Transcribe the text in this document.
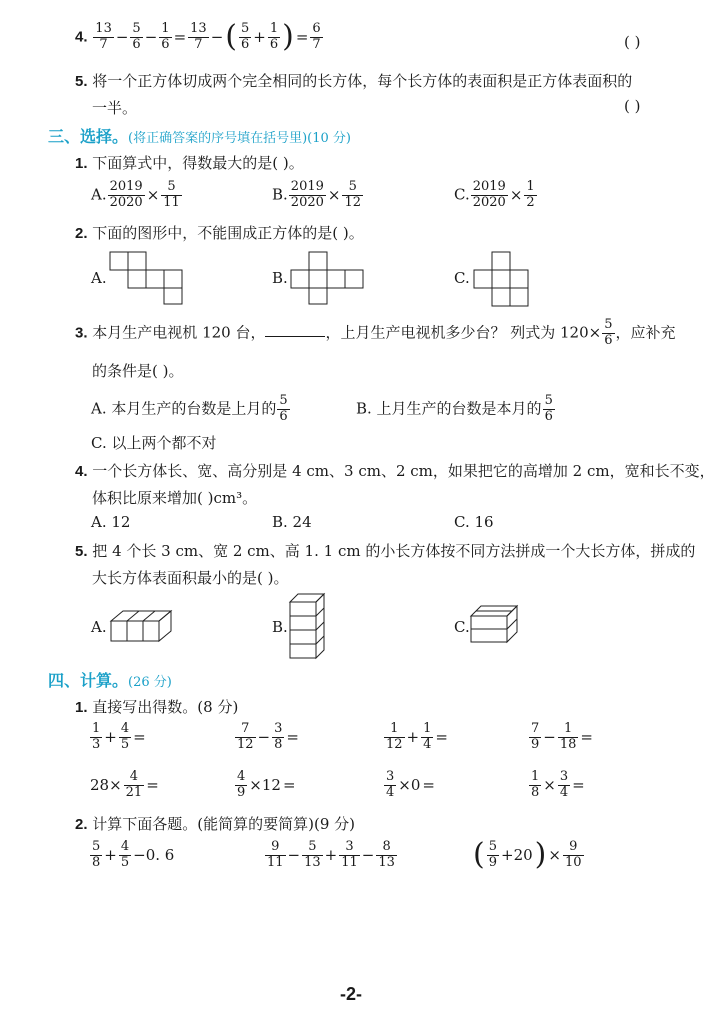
4. $\frac{13}{7} - \frac{5}{6} - \frac{1}{6} = \frac{13}{7}$ −( $\frac{5}{6} + \frac{1}{6}$ ) = $\frac{6}{7}$	( )
5. 将一个正方体切成两个完全相同的长方体，每个长方体的表面积是正方体表面积的
一半。	( )
三、选择。(将正确答案的序号填在括号里)(10 分)
1. 下面算式中，得数最大的是( )。
A. $\frac{2019}{2020} \times \frac{5}{11}$	B. $\frac{2019}{2020} \times \frac{5}{12}$	C. $\frac{2019}{2020} \times \frac{1}{2}$
2. 下面的图形中，不能围成正方体的是( )。
A.	B.	C.
3. 本月生产电视机 120 台，	，上月生产电视机多少台？ 列式为 $120\times \frac{5}{6}$ ，应补充
的条件是( )。
A. 本月生产的台数是上月的 $\frac{5}{6}$	B. 上月生产的台数是本月的 $\frac{5}{6}$
C. 以上两个都不对
4. 一个长方体长、宽、高分别是 4 cm、3 cm、2 cm，如果把它的高增加 2 cm，宽和长不变，
体积比原来增加( )cm³。
A. 12	B. 24	C. 16
5. 把 4 个长 3 cm、宽 2 cm、高 1. 1 cm 的小长方体按不同方法拼成一个大长方体，拼成的
大长方体表面积最小的是( )。
A.	B.	C.
四、计算。(26 分)
1. 直接写出得数。(8 分)
$\frac{1}{3} + \frac{4}{5}$ =	$\frac{7}{12} - \frac{3}{8}$ =	$\frac{1}{12} + \frac{1}{4}$ =	$\frac{7}{9} - \frac{1}{18}$ =
$28\times \frac{4}{21}$ =	$\frac{4}{9} \times 12$ =	$\frac{3}{4} \times 0$ =	$\frac{1}{8} \times \frac{3}{4}$ =
2. 计算下面各题。(能简算的要简算)(9 分)
$\frac{5}{8} + \frac{4}{5} -0$. 6	$\frac{9}{11} - \frac{5}{13} + \frac{3}{11} - \frac{8}{13}$	( $\frac{5}{9} +20) \times \frac{9}{10}$
-2-
